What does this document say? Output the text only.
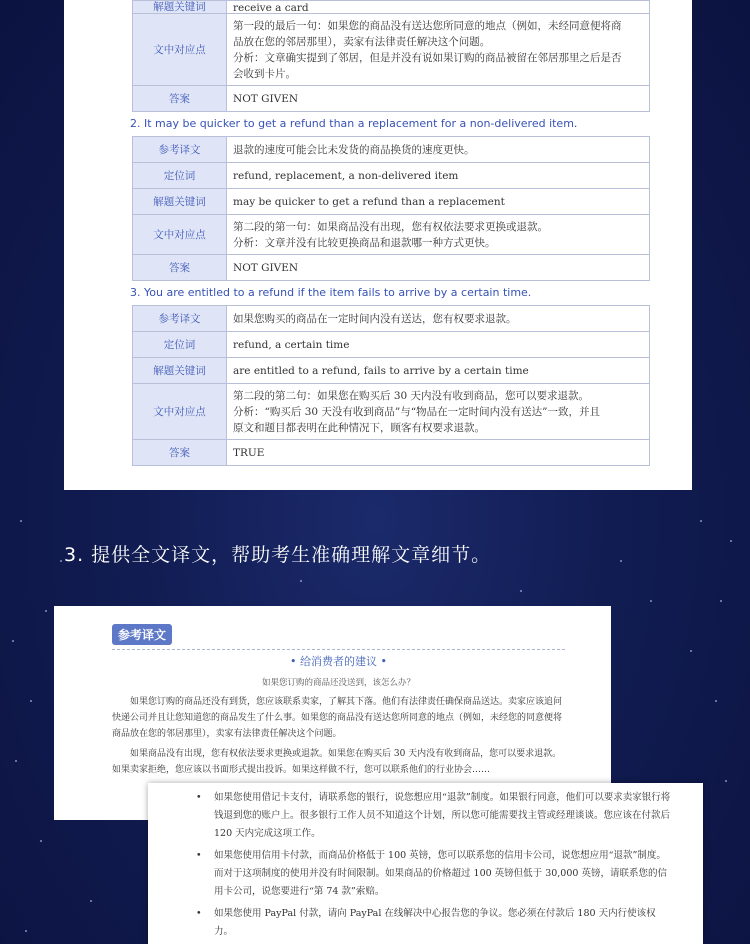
解题关键词	receive a card
文中对应点	第一段的最后一句：如果您的商品没有送达您所同意的地点（例如，未经同意便将商
品放在您的邻居那里），卖家有法律责任解决这个问题。
分析：文章确实提到了邻居，但是并没有说如果订购的商品被留在邻居那里之后是否
会收到卡片。

答案	NOT GIVEN
2. It may be quicker to get a refund than a replacement for a non-delivered item.
参考译文	退款的速度可能会比未发货的商品换货的速度更快。

定位词	refund, replacement, a non-delivered item

解题关键词	may be quicker to get a refund than a replacement

文中对应点	第二段的第一句：如果商品没有出现，您有权依法要求更换或退款。
分析：文章并没有比较更换商品和退款哪一种方式更快。

答案	NOT GIVEN
3. You are entitled to a refund if the item fails to arrive by a certain time.
参考译文	如果您购买的商品在一定时间内没有送达，您有权要求退款。

定位词	refund, a certain time

解题关键词	are entitled to a refund, fails to arrive by a certain time

文中对应点	第二段的第二句：如果您在购买后 30 天内没有收到商品，您可以要求退款。
分析：“购买后 30 天没有收到商品”与“物品在一定时间内没有送达”一致，并且
原文和题目都表明在此种情况下，顾客有权要求退款。

答案	TRUE
3. 提供全文译文，帮助考生准确理解文章细节。
参考译文
• 给消费者的建议 •
如果您订购的商品还没送到，该怎么办？

如果您订购的商品还没有到货，您应该联系卖家，了解其下落。他们有法律责任确保商品送达。卖家应该追问快递公司并且让您知道您的商品发生了什么事。如果您的商品没有送达您所同意的地点（例如，未经您的同意便将商品放在您的邻居那里），卖家有法律责任解决这个问题。

如果商品没有出现，您有权依法要求更换或退款。如果您在购买后 30 天内没有收到商品，您可以要求退款。如果卖家拒绝，您应该以书面形式提出投诉。如果这样做不行，您可以联系他们的行业协会……

• 如果您使用借记卡支付，请联系您的银行，说您想应用“退款”制度。如果银行同意，他们可以要求卖家银行将钱退到您的账户上。很多银行工作人员不知道这个计划，所以您可能需要找主管或经理谈谈。您应该在付款后 120 天内完成这项工作。
• 如果您使用信用卡付款，而商品价格低于 100 英镑，您可以联系您的信用卡公司，说您想应用“退款”制度。而对于这项制度的使用并没有时间限制。如果商品的价格超过 100 英镑但低于 30,000 英镑，请联系您的信用卡公司，说您要进行“第 74 款”索赔。
• 如果您使用 PayPal 付款，请向 PayPal 在线解决中心报告您的争议。您必须在付款后 180 天内行使该权力。
